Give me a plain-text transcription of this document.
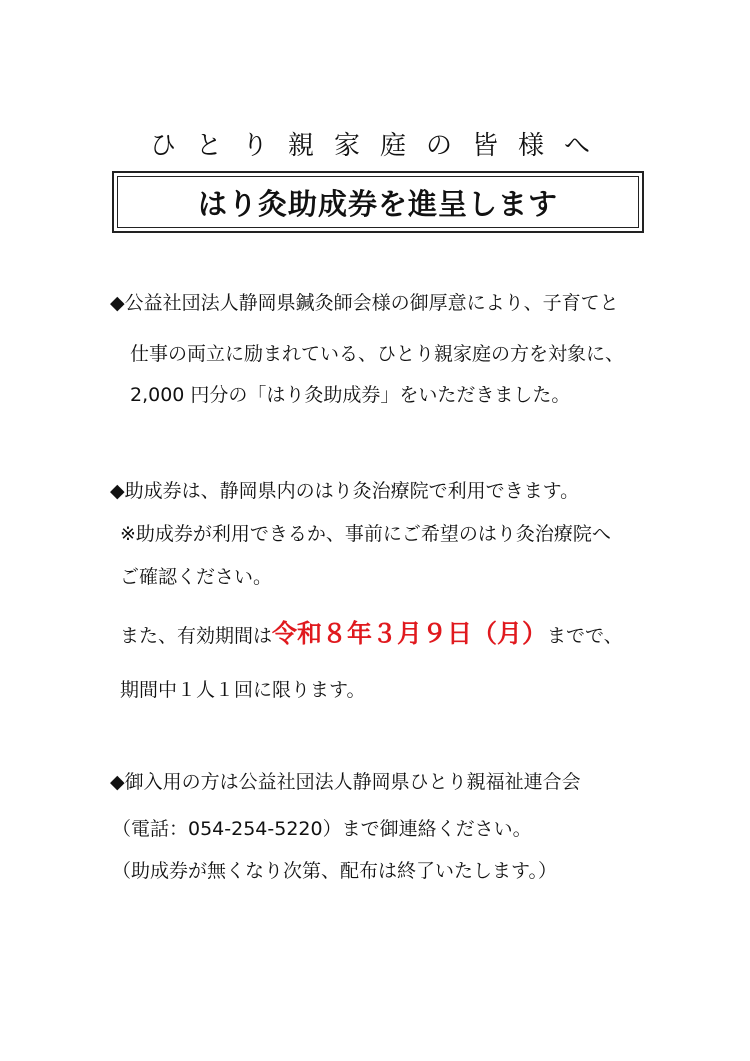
ひとり親家庭の皆様へ
はり灸助成券を進呈します
◆公益社団法人静岡県鍼灸師会様の御厚意により、子育てと
仕事の両立に励まれている、ひとり親家庭の方を対象に、
2,000 円分の「はり灸助成券」をいただきました。
◆助成券は、静岡県内のはり灸治療院で利用できます。
※助成券が利用できるか、事前にご希望のはり灸治療院へ
ご確認ください。
また、有効期間は令和８年３月９日（月）までで、
期間中１人１回に限ります。
◆御入用の方は公益社団法人静岡県ひとり親福祉連合会
（電話：054-254-5220）まで御連絡ください。
（助成券が無くなり次第、配布は終了いたします。）
